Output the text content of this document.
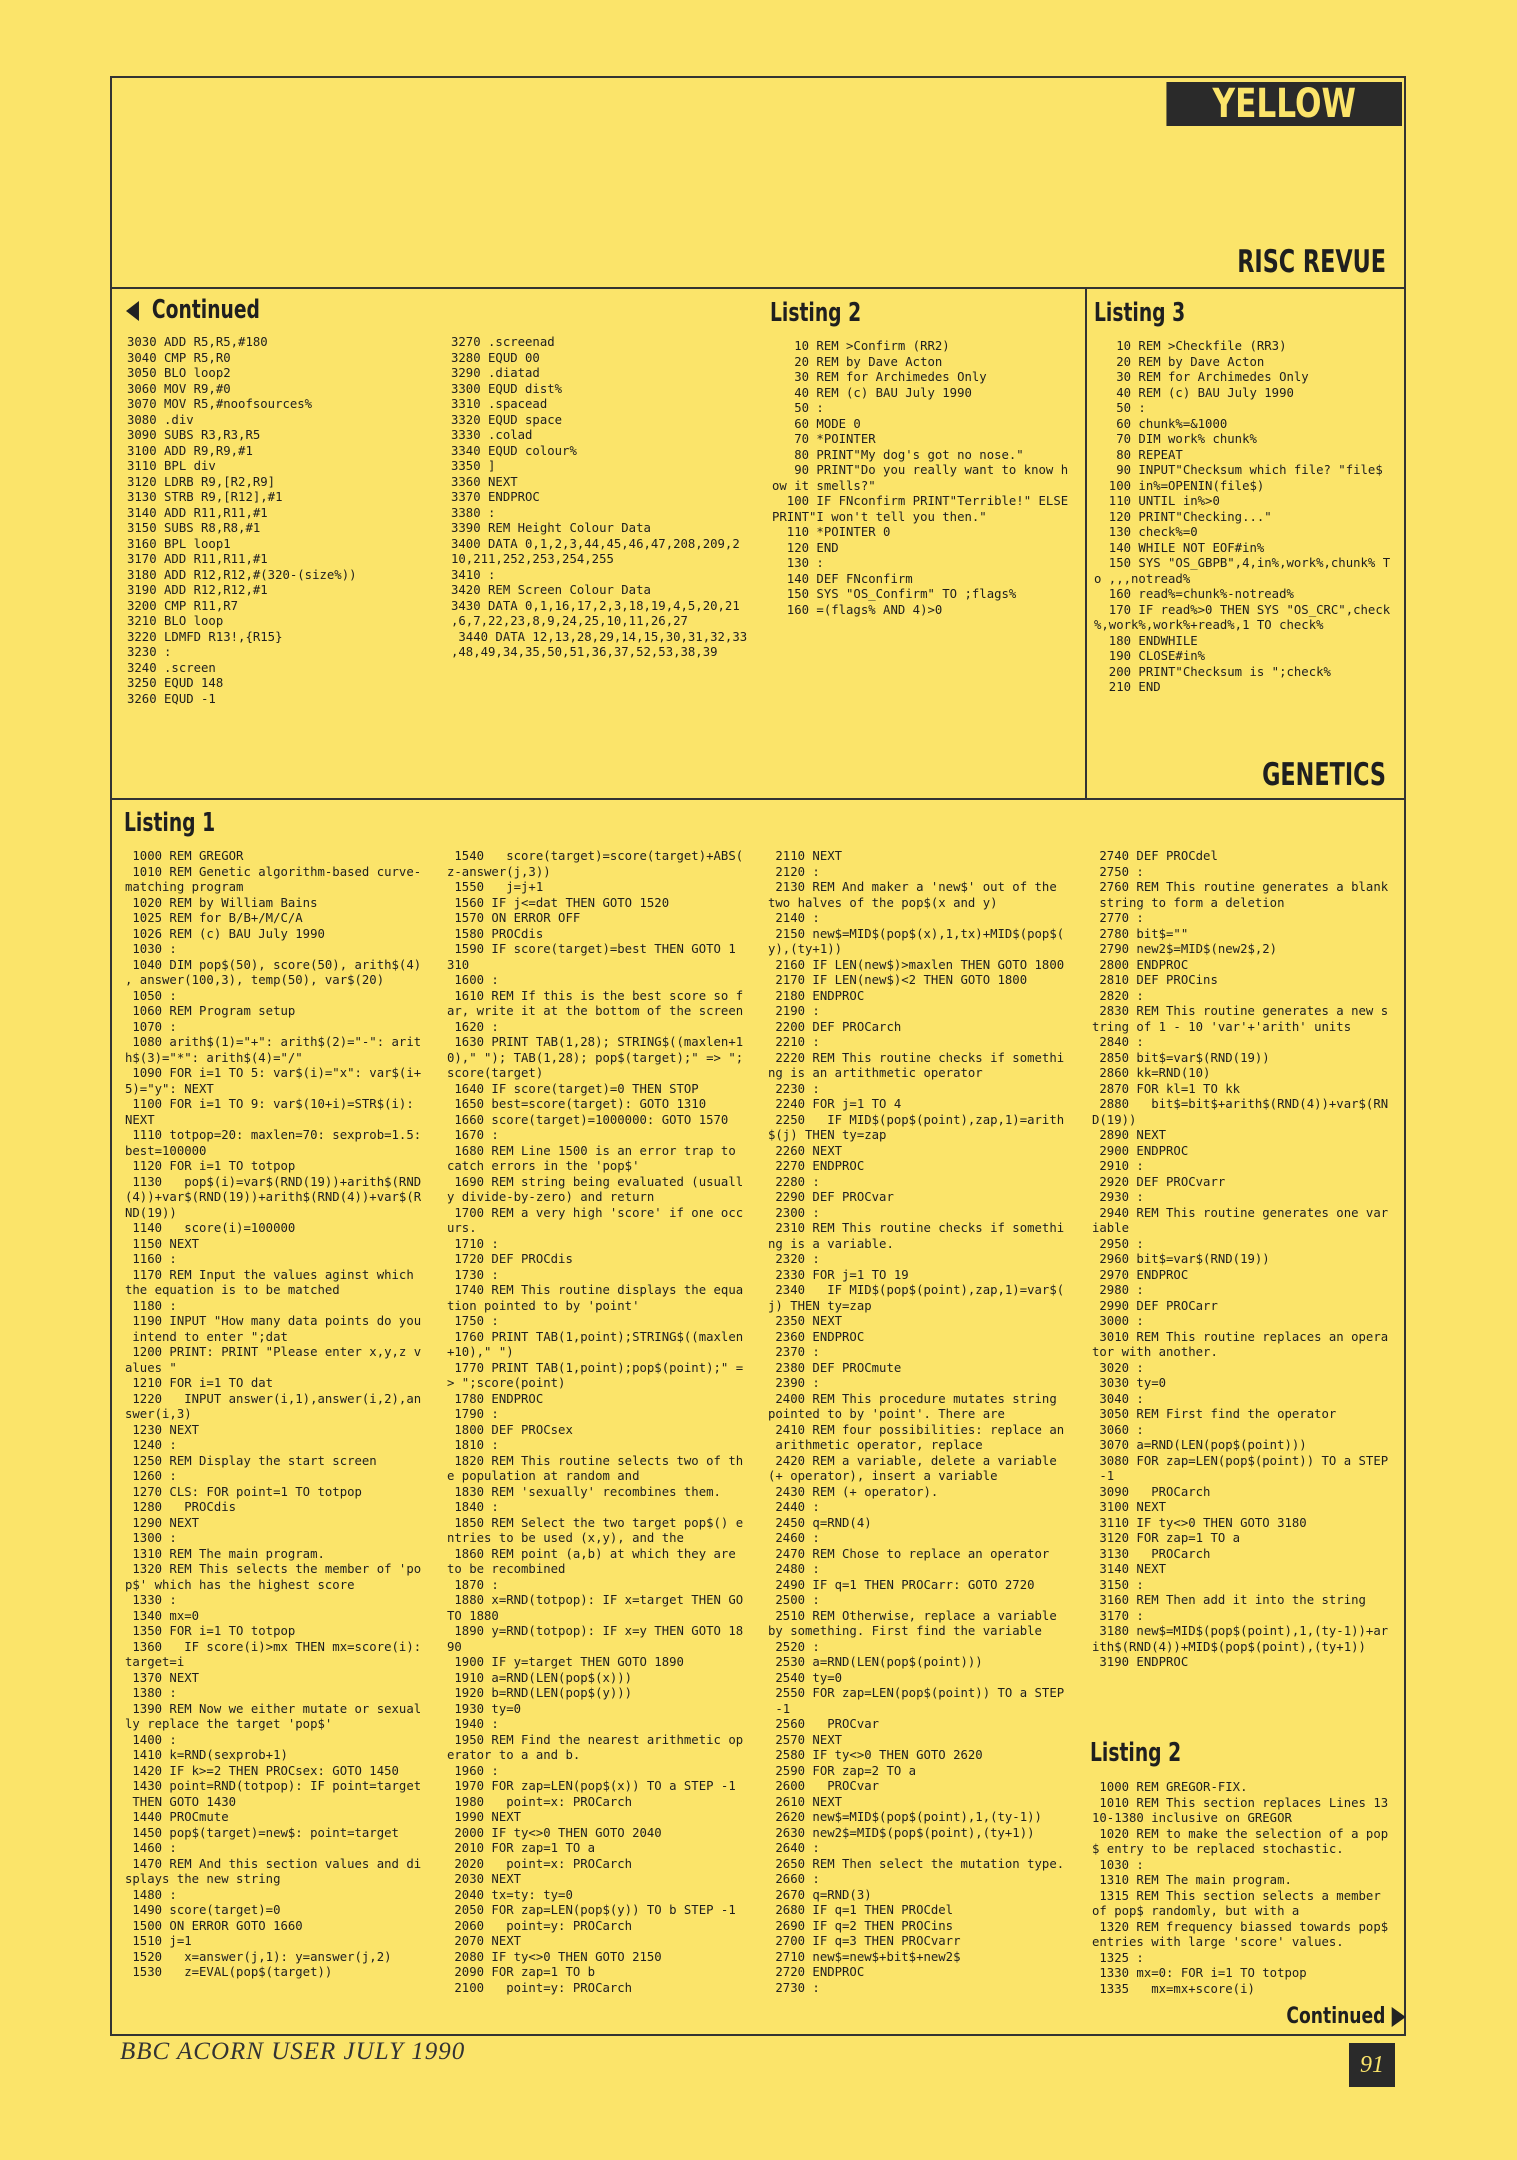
YELLOW PAGES
RISC REVUE
GENETICS
Continued
3030 ADD R5,R5,#180
3040 CMP R5,R0
3050 BLO loop2
3060 MOV R9,#0
3070 MOV R5,#noofsources%
3080 .div
3090 SUBS R3,R3,R5
3100 ADD R9,R9,#1
3110 BPL div
3120 LDRB R9,[R2,R9]
3130 STRB R9,[R12],#1
3140 ADD R11,R11,#1
3150 SUBS R8,R8,#1
3160 BPL loop1
3170 ADD R11,R11,#1
3180 ADD R12,R12,#(320-(size%))
3190 ADD R12,R12,#1
3200 CMP R11,R7
3210 BLO loop
3220 LDMFD R13!,{R15}
3230 :
3240 .screen
3250 EQUD 148
3260 EQUD -1
3270 .screenad
3280 EQUD 00
3290 .diatad
3300 EQUD dist%
3310 .spacead
3320 EQUD space
3330 .colad
3340 EQUD colour%
3350 ]
3360 NEXT
3370 ENDPROC
3380 :
3390 REM Height Colour Data
3400 DATA 0,1,2,3,44,45,46,47,208,209,2
10,211,252,253,254,255
3410 :
3420 REM Screen Colour Data
3430 DATA 0,1,16,17,2,3,18,19,4,5,20,21
,6,7,22,23,8,9,24,25,10,11,26,27
3440 DATA 12,13,28,29,14,15,30,31,32,33
,48,49,34,35,50,51,36,37,52,53,38,39
Listing 2
10 REM >Confirm (RR2)
20 REM by Dave Acton
30 REM for Archimedes Only
40 REM (c) BAU July 1990
50 :
60 MODE 0
70 *POINTER
80 PRINT"My dog's got no nose."
90 PRINT"Do you really want to know h
ow it smells?"
100 IF FNconfirm PRINT"Terrible!" ELSE
PRINT"I won't tell you then."
110 *POINTER 0
120 END
130 :
140 DEF FNconfirm
150 SYS "OS_Confirm" TO ;flags%
160 =(flags% AND 4)>0
Listing 3
10 REM >Checkfile (RR3)
20 REM by Dave Acton
30 REM for Archimedes Only
40 REM (c) BAU July 1990
50 :
60 chunk%=&1000
70 DIM work% chunk%
80 REPEAT
90 INPUT"Checksum which file? "file$
100 in%=OPENIN(file$)
110 UNTIL in%>0
120 PRINT"Checking..."
130 check%=0
140 WHILE NOT EOF#in%
150 SYS "OS_GBPB",4,in%,work%,chunk% T
o ,,,notread%
160 read%=chunk%-notread%
170 IF read%>0 THEN SYS "OS_CRC",check
%,work%,work%+read%,1 TO check%
180 ENDWHILE
190 CLOSE#in%
200 PRINT"Checksum is ";check%
210 END
Listing 1
1000 REM GREGOR
1010 REM Genetic algorithm-based curve-
matching program
1020 REM by William Bains
1025 REM for B/B+/M/C/A
1026 REM (c) BAU July 1990
1030 :
1040 DIM pop$(50), score(50), arith$(4)
, answer(100,3), temp(50), var$(20)
1050 :
1060 REM Program setup
1070 :
1080 arith$(1)="+": arith$(2)="-": arit
h$(3)="*": arith$(4)="/"
1090 FOR i=1 TO 5: var$(i)="x": var$(i+
5)="y": NEXT
1100 FOR i=1 TO 9: var$(10+i)=STR$(i):
NEXT
1110 totpop=20: maxlen=70: sexprob=1.5:
best=100000
1120 FOR i=1 TO totpop
1130   pop$(i)=var$(RND(19))+arith$(RND
(4))+var$(RND(19))+arith$(RND(4))+var$(R
ND(19))
1140   score(i)=100000
1150 NEXT
1160 :
1170 REM Input the values aginst which
the equation is to be matched
1180 :
1190 INPUT "How many data points do you
intend to enter ";dat
1200 PRINT: PRINT "Please enter x,y,z v
alues "
1210 FOR i=1 TO dat
1220   INPUT answer(i,1),answer(i,2),an
swer(i,3)
1230 NEXT
1240 :
1250 REM Display the start screen
1260 :
1270 CLS: FOR point=1 TO totpop
1280   PROCdis
1290 NEXT
1300 :
1310 REM The main program.
1320 REM This selects the member of 'po
p$' which has the highest score
1330 :
1340 mx=0
1350 FOR i=1 TO totpop
1360   IF score(i)>mx THEN mx=score(i):
target=i
1370 NEXT
1380 :
1390 REM Now we either mutate or sexual
ly replace the target 'pop$'
1400 :
1410 k=RND(sexprob+1)
1420 IF k>=2 THEN PROCsex: GOTO 1450
1430 point=RND(totpop): IF point=target
THEN GOTO 1430
1440 PROCmute
1450 pop$(target)=new$: point=target
1460 :
1470 REM And this section values and di
splays the new string
1480 :
1490 score(target)=0
1500 ON ERROR GOTO 1660
1510 j=1
1520   x=answer(j,1): y=answer(j,2)
1530   z=EVAL(pop$(target))
1540   score(target)=score(target)+ABS(
z-answer(j,3))
1550   j=j+1
1560 IF j<=dat THEN GOTO 1520
1570 ON ERROR OFF
1580 PROCdis
1590 IF score(target)=best THEN GOTO 1
310
1600 :
1610 REM If this is the best score so f
ar, write it at the bottom of the screen
1620 :
1630 PRINT TAB(1,28); STRING$((maxlen+1
0)," "); TAB(1,28); pop$(target);" => ";
score(target)
1640 IF score(target)=0 THEN STOP
1650 best=score(target): GOTO 1310
1660 score(target)=1000000: GOTO 1570
1670 :
1680 REM Line 1500 is an error trap to
catch errors in the 'pop$'
1690 REM string being evaluated (usuall
y divide-by-zero) and return
1700 REM a very high 'score' if one occ
urs.
1710 :
1720 DEF PROCdis
1730 :
1740 REM This routine displays the equa
tion pointed to by 'point'
1750 :
1760 PRINT TAB(1,point);STRING$((maxlen
+10)," ")
1770 PRINT TAB(1,point);pop$(point);" =
> ";score(point)
1780 ENDPROC
1790 :
1800 DEF PROCsex
1810 :
1820 REM This routine selects two of th
e population at random and
1830 REM 'sexually' recombines them.
1840 :
1850 REM Select the two target pop$() e
ntries to be used (x,y), and the
1860 REM point (a,b) at which they are
to be recombined
1870 :
1880 x=RND(totpop): IF x=target THEN GO
TO 1880
1890 y=RND(totpop): IF x=y THEN GOTO 18
90
1900 IF y=target THEN GOTO 1890
1910 a=RND(LEN(pop$(x)))
1920 b=RND(LEN(pop$(y)))
1930 ty=0
1940 :
1950 REM Find the nearest arithmetic op
erator to a and b.
1960 :
1970 FOR zap=LEN(pop$(x)) TO a STEP -1
1980   point=x: PROCarch
1990 NEXT
2000 IF ty<>0 THEN GOTO 2040
2010 FOR zap=1 TO a
2020   point=x: PROCarch
2030 NEXT
2040 tx=ty: ty=0
2050 FOR zap=LEN(pop$(y)) TO b STEP -1
2060   point=y: PROCarch
2070 NEXT
2080 IF ty<>0 THEN GOTO 2150
2090 FOR zap=1 TO b
2100   point=y: PROCarch
2110 NEXT
2120 :
2130 REM And maker a 'new$' out of the
two halves of the pop$(x and y)
2140 :
2150 new$=MID$(pop$(x),1,tx)+MID$(pop$(
y),(ty+1))
2160 IF LEN(new$)>maxlen THEN GOTO 1800
2170 IF LEN(new$)<2 THEN GOTO 1800
2180 ENDPROC
2190 :
2200 DEF PROCarch
2210 :
2220 REM This routine checks if somethi
ng is an artithmetic operator
2230 :
2240 FOR j=1 TO 4
2250   IF MID$(pop$(point),zap,1)=arith
$(j) THEN ty=zap
2260 NEXT
2270 ENDPROC
2280 :
2290 DEF PROCvar
2300 :
2310 REM This routine checks if somethi
ng is a variable.
2320 :
2330 FOR j=1 TO 19
2340   IF MID$(pop$(point),zap,1)=var$(
j) THEN ty=zap
2350 NEXT
2360 ENDPROC
2370 :
2380 DEF PROCmute
2390 :
2400 REM This procedure mutates string
pointed to by 'point'. There are
2410 REM four possibilities: replace an
arithmetic operator, replace
2420 REM a variable, delete a variable
(+ operator), insert a variable
2430 REM (+ operator).
2440 :
2450 q=RND(4)
2460 :
2470 REM Chose to replace an operator
2480 :
2490 IF q=1 THEN PROCarr: GOTO 2720
2500 :
2510 REM Otherwise, replace a variable
by something. First find the variable
2520 :
2530 a=RND(LEN(pop$(point)))
2540 ty=0
2550 FOR zap=LEN(pop$(point)) TO a STEP
-1
2560   PROCvar
2570 NEXT
2580 IF ty<>0 THEN GOTO 2620
2590 FOR zap=2 TO a
2600   PROCvar
2610 NEXT
2620 new$=MID$(pop$(point),1,(ty-1))
2630 new2$=MID$(pop$(point),(ty+1))
2640 :
2650 REM Then select the mutation type.
2660 :
2670 q=RND(3)
2680 IF q=1 THEN PROCdel
2690 IF q=2 THEN PROCins
2700 IF q=3 THEN PROCvarr
2710 new$=new$+bit$+new2$
2720 ENDPROC
2730 :
2740 DEF PROCdel
2750 :
2760 REM This routine generates a blank
string to form a deletion
2770 :
2780 bit$=""
2790 new2$=MID$(new2$,2)
2800 ENDPROC
2810 DEF PROCins
2820 :
2830 REM This routine generates a new s
tring of 1 - 10 'var'+'arith' units
2840 :
2850 bit$=var$(RND(19))
2860 kk=RND(10)
2870 FOR kl=1 TO kk
2880   bit$=bit$+arith$(RND(4))+var$(RN
D(19))
2890 NEXT
2900 ENDPROC
2910 :
2920 DEF PROCvarr
2930 :
2940 REM This routine generates one var
iable
2950 :
2960 bit$=var$(RND(19))
2970 ENDPROC
2980 :
2990 DEF PROCarr
3000 :
3010 REM This routine replaces an opera
tor with another.
3020 :
3030 ty=0
3040 :
3050 REM First find the operator
3060 :
3070 a=RND(LEN(pop$(point)))
3080 FOR zap=LEN(pop$(point)) TO a STEP
-1
3090   PROCarch
3100 NEXT
3110 IF ty<>0 THEN GOTO 3180
3120 FOR zap=1 TO a
3130   PROCarch
3140 NEXT
3150 :
3160 REM Then add it into the string
3170 :
3180 new$=MID$(pop$(point),1,(ty-1))+ar
ith$(RND(4))+MID$(pop$(point),(ty+1))
3190 ENDPROC
Listing 2
1000 REM GREGOR-FIX.
1010 REM This section replaces Lines 13
10-1380 inclusive on GREGOR
1020 REM to make the selection of a pop
$ entry to be replaced stochastic.
1030 :
1310 REM The main program.
1315 REM This section selects a member
of pop$ randomly, but with a
1320 REM frequency biassed towards pop$
entries with large 'score' values.
1325 :
1330 mx=0: FOR i=1 TO totpop
1335   mx=mx+score(i)
Continued
BBC ACORN USER JULY 1990	91
